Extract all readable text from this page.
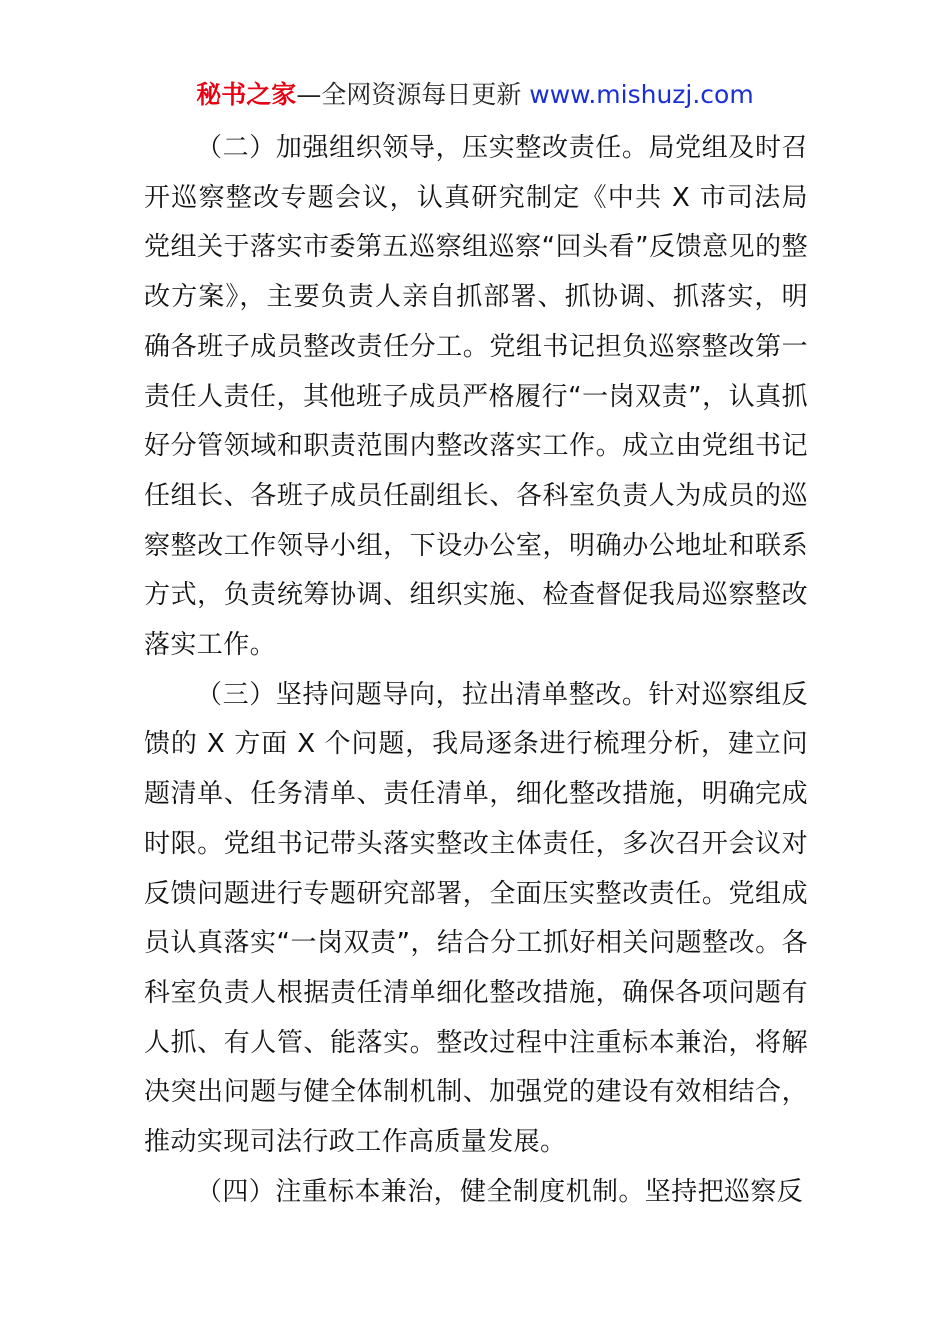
秘书之家—全网资源每日更新 www.mishuzj.com

（二）加强组织领导，压实整改责任。局党组及时召开巡察整改专题会议，认真研究制定《中共 X 市司法局党组关于落实市委第五巡察组巡察“回头看”反馈意见的整改方案》，主要负责人亲自抓部署、抓协调、抓落实，明确各班子成员整改责任分工。党组书记担负巡察整改第一责任人责任，其他班子成员严格履行“一岗双责”，认真抓好分管领域和职责范围内整改落实工作。成立由党组书记任组长、各班子成员任副组长、各科室负责人为成员的巡察整改工作领导小组，下设办公室，明确办公地址和联系方式，负责统筹协调、组织实施、检查督促我局巡察整改落实工作。

（三）坚持问题导向，拉出清单整改。针对巡察组反馈的 X 方面 X 个问题，我局逐条进行梳理分析，建立问题清单、任务清单、责任清单，细化整改措施，明确完成时限。党组书记带头落实整改主体责任，多次召开会议对反馈问题进行专题研究部署，全面压实整改责任。党组成员认真落实“一岗双责”，结合分工抓好相关问题整改。各科室负责人根据责任清单细化整改措施，确保各项问题有人抓、有人管、能落实。整改过程中注重标本兼治，将解决突出问题与健全体制机制、加强党的建设有效相结合，推动实现司法行政工作高质量发展。

（四）注重标本兼治，健全制度机制。坚持把巡察反
